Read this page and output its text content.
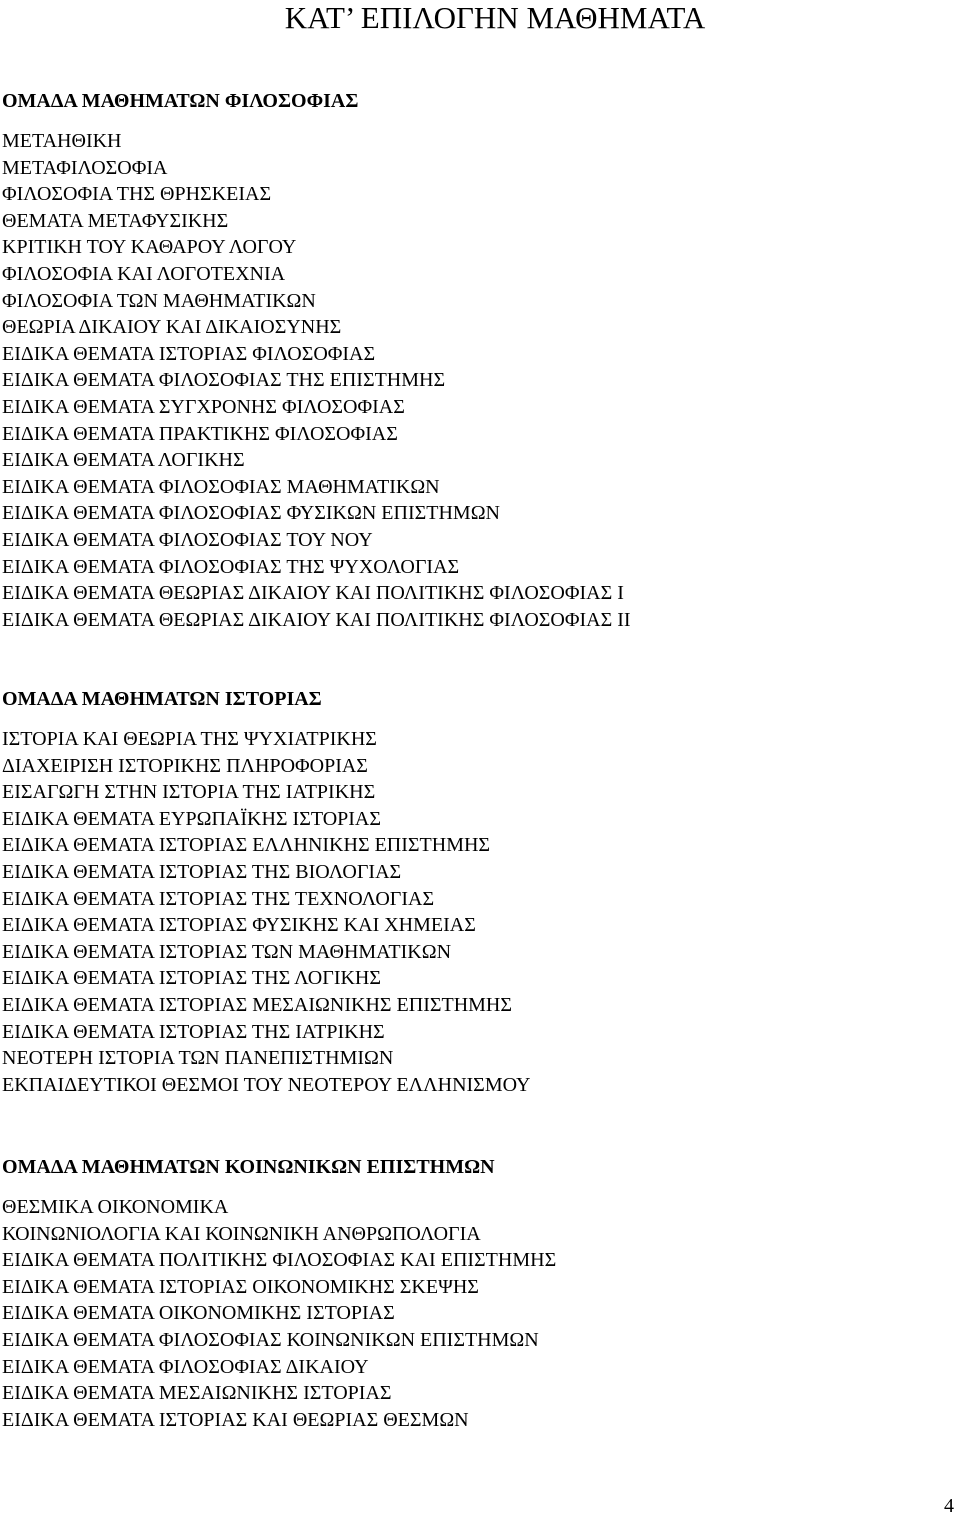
ΚΑΤ’ ΕΠΙΛΟΓΗΝ ΜΑΘΗΜΑΤΑ
ΟΜΑΔΑ ΜΑΘΗΜΑΤΩΝ ΦΙΛΟΣΟΦΙΑΣ
ΜΕΤΑΗΘΙΚΗ
ΜΕΤΑΦΙΛΟΣΟΦΙΑ
ΦΙΛΟΣΟΦΙΑ ΤΗΣ ΘΡΗΣΚΕΙΑΣ
ΘΕΜΑΤΑ ΜΕΤΑΦΥΣΙΚΗΣ
ΚΡΙΤΙΚΗ ΤΟΥ ΚΑΘΑΡΟΥ ΛΟΓΟΥ
ΦΙΛΟΣΟΦΙΑ ΚΑΙ ΛΟΓΟΤΕΧΝΙΑ
ΦΙΛΟΣΟΦΙΑ ΤΩΝ ΜΑΘΗΜΑΤΙΚΩΝ
ΘΕΩΡΙΑ ΔΙΚΑΙΟΥ ΚΑΙ ΔΙΚΑΙΟΣΥΝΗΣ
ΕΙΔΙΚΑ ΘΕΜΑΤΑ ΙΣΤΟΡΙΑΣ ΦΙΛΟΣΟΦΙΑΣ
ΕΙΔΙΚΑ ΘΕΜΑΤΑ ΦΙΛΟΣΟΦΙΑΣ ΤΗΣ ΕΠΙΣΤΗΜΗΣ
ΕΙΔΙΚΑ ΘΕΜΑΤΑ ΣΥΓΧΡΟΝΗΣ ΦΙΛΟΣΟΦΙΑΣ
ΕΙΔΙΚΑ ΘΕΜΑΤΑ ΠΡΑΚΤΙΚΗΣ ΦΙΛΟΣΟΦΙΑΣ
ΕΙΔΙΚΑ ΘΕΜΑΤΑ ΛΟΓΙΚΗΣ
ΕΙΔΙΚΑ ΘΕΜΑΤΑ ΦΙΛΟΣΟΦΙΑΣ ΜΑΘΗΜΑΤΙΚΩΝ
ΕΙΔΙΚΑ ΘΕΜΑΤΑ ΦΙΛΟΣΟΦΙΑΣ ΦΥΣΙΚΩΝ ΕΠΙΣΤΗΜΩΝ
ΕΙΔΙΚΑ ΘΕΜΑΤΑ ΦΙΛΟΣΟΦΙΑΣ ΤΟΥ ΝΟΥ
ΕΙΔΙΚΑ ΘΕΜΑΤΑ ΦΙΛΟΣΟΦΙΑΣ ΤΗΣ ΨΥΧΟΛΟΓΙΑΣ
ΕΙΔΙΚΑ ΘΕΜΑΤΑ ΘΕΩΡΙΑΣ ΔΙΚΑΙΟΥ ΚΑΙ ΠΟΛΙΤΙΚΗΣ ΦΙΛΟΣΟΦΙΑΣ Ι
ΕΙΔΙΚΑ ΘΕΜΑΤΑ ΘΕΩΡΙΑΣ ΔΙΚΑΙΟΥ ΚΑΙ ΠΟΛΙΤΙΚΗΣ ΦΙΛΟΣΟΦΙΑΣ ΙΙ
ΟΜΑΔΑ ΜΑΘΗΜΑΤΩΝ ΙΣΤΟΡΙΑΣ
ΙΣΤΟΡΙΑ ΚΑΙ ΘΕΩΡΙΑ ΤΗΣ ΨΥΧΙΑΤΡΙΚΗΣ
ΔΙΑΧΕΙΡΙΣΗ ΙΣΤΟΡΙΚΗΣ ΠΛΗΡΟΦΟΡΙΑΣ
ΕΙΣΑΓΩΓΗ ΣΤΗΝ ΙΣΤΟΡΙΑ ΤΗΣ ΙΑΤΡΙΚΗΣ
ΕΙΔΙΚΑ ΘΕΜΑΤΑ ΕΥΡΩΠΑΪΚΗΣ ΙΣΤΟΡΙΑΣ
ΕΙΔΙΚΑ ΘΕΜΑΤΑ ΙΣΤΟΡΙΑΣ ΕΛΛΗΝΙΚΗΣ ΕΠΙΣΤΗΜΗΣ
ΕΙΔΙΚΑ ΘΕΜΑΤΑ ΙΣΤΟΡΙΑΣ ΤΗΣ ΒΙΟΛΟΓΙΑΣ
ΕΙΔΙΚΑ ΘΕΜΑΤΑ ΙΣΤΟΡΙΑΣ ΤΗΣ ΤΕΧΝΟΛΟΓΙΑΣ
ΕΙΔΙΚΑ ΘΕΜΑΤΑ ΙΣΤΟΡΙΑΣ ΦΥΣΙΚΗΣ ΚΑΙ ΧΗΜΕΙΑΣ
ΕΙΔΙΚΑ ΘΕΜΑΤΑ ΙΣΤΟΡΙΑΣ ΤΩΝ ΜΑΘΗΜΑΤΙΚΩΝ
ΕΙΔΙΚΑ ΘΕΜΑΤΑ ΙΣΤΟΡΙΑΣ ΤΗΣ ΛΟΓΙΚΗΣ
ΕΙΔΙΚΑ ΘΕΜΑΤΑ ΙΣΤΟΡΙΑΣ ΜΕΣΑΙΩΝΙΚΗΣ ΕΠΙΣΤΗΜΗΣ
ΕΙΔΙΚΑ ΘΕΜΑΤΑ ΙΣΤΟΡΙΑΣ ΤΗΣ ΙΑΤΡΙΚΗΣ
ΝΕΟΤΕΡΗ ΙΣΤΟΡΙΑ ΤΩΝ ΠΑΝΕΠΙΣΤΗΜΙΩΝ
ΕΚΠΑΙΔΕΥΤΙΚΟΙ ΘΕΣΜΟΙ ΤΟΥ ΝΕΟΤΕΡΟΥ ΕΛΛΗΝΙΣΜΟΥ
ΟΜΑΔΑ ΜΑΘΗΜΑΤΩΝ ΚΟΙΝΩΝΙΚΩΝ ΕΠΙΣΤΗΜΩΝ
ΘΕΣΜΙΚΑ ΟΙΚΟΝΟΜΙΚΑ
ΚΟΙΝΩΝΙΟΛΟΓΙΑ ΚΑΙ ΚΟΙΝΩΝΙΚΗ ΑΝΘΡΩΠΟΛΟΓΙΑ
ΕΙΔΙΚΑ ΘΕΜΑΤΑ ΠΟΛΙΤΙΚΗΣ ΦΙΛΟΣΟΦΙΑΣ ΚΑΙ ΕΠΙΣΤΗΜΗΣ
ΕΙΔΙΚΑ ΘΕΜΑΤΑ ΙΣΤΟΡΙΑΣ ΟΙΚΟΝΟΜΙΚΗΣ ΣΚΕΨΗΣ
ΕΙΔΙΚΑ ΘΕΜΑΤΑ ΟΙΚΟΝΟΜΙΚΗΣ ΙΣΤΟΡΙΑΣ
ΕΙΔΙΚΑ ΘΕΜΑΤΑ ΦΙΛΟΣΟΦΙΑΣ ΚΟΙΝΩΝΙΚΩΝ ΕΠΙΣΤΗΜΩΝ
ΕΙΔΙΚΑ ΘΕΜΑΤΑ ΦΙΛΟΣΟΦΙΑΣ ΔΙΚΑΙΟΥ
ΕΙΔΙΚΑ ΘΕΜΑΤΑ ΜΕΣΑΙΩΝΙΚΗΣ ΙΣΤΟΡΙΑΣ
ΕΙΔΙΚΑ ΘΕΜΑΤΑ ΙΣΤΟΡΙΑΣ ΚΑΙ ΘΕΩΡΙΑΣ ΘΕΣΜΩΝ
4
